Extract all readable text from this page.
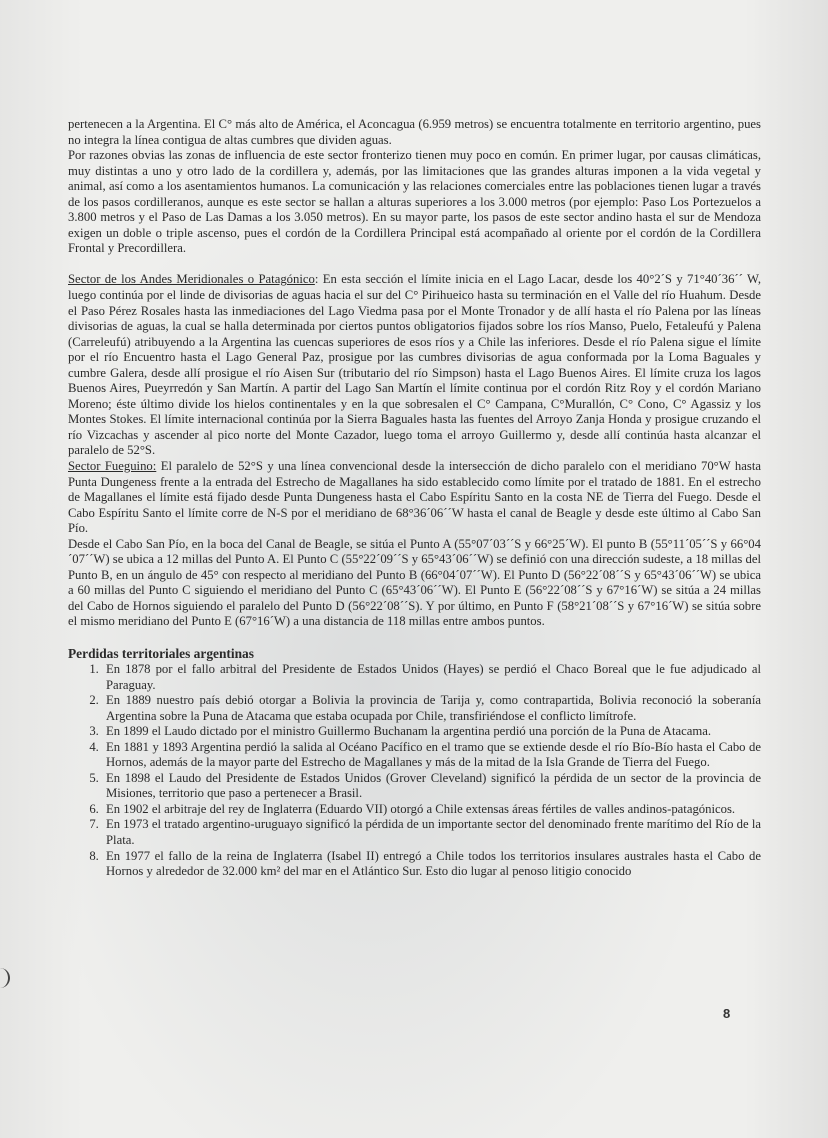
pertenecen a la Argentina. El C° más alto de América, el Aconcagua (6.959 metros) se encuentra totalmente en territorio argentino, pues no integra la línea contigua de altas cumbres que dividen aguas.

Por razones obvias las zonas de influencia de este sector fronterizo tienen muy poco en común. En primer lugar, por causas climáticas, muy distintas a uno y otro lado de la cordillera y, además, por las limitaciones que las grandes alturas imponen a la vida vegetal y animal, así como a los asentamientos humanos. La comunicación y las relaciones comerciales entre las poblaciones tienen lugar a través de los pasos cordilleranos, aunque es este sector se hallan a alturas superiores a los 3.000 metros (por ejemplo: Paso Los Portezuelos a 3.800 metros y el Paso de Las Damas a los 3.050 metros). En su mayor parte, los pasos de este sector andino hasta el sur de Mendoza exigen un doble o triple ascenso, pues el cordón de la Cordillera Principal está acompañado al oriente por el cordón de la Cordillera Frontal y Precordillera.

Sector de los Andes Meridionales o Patagónico: En esta sección el límite inicia en el Lago Lacar, desde los 40°2´S y 71°40´36´´ W, luego continúa por el linde de divisorias de aguas hacia el sur del C° Pirihueico hasta su terminación en el Valle del río Huahum. Desde el Paso Pérez Rosales hasta las inmediaciones del Lago Viedma pasa por el Monte Tronador y de allí hasta el río Palena por las líneas divisorias de aguas, la cual se halla determinada por ciertos puntos obligatorios fijados sobre los ríos Manso, Puelo, Fetaleufú y Palena (Carreleufú) atribuyendo a la Argentina las cuencas superiores de esos ríos y a Chile las inferiores. Desde el río Palena sigue el límite por el río Encuentro hasta el Lago General Paz, prosigue por las cumbres divisorias de agua conformada por la Loma Baguales y cumbre Galera, desde allí prosigue el río Aisen Sur (tributario del río Simpson) hasta el Lago Buenos Aires. El límite cruza los lagos Buenos Aires, Pueyrredón y San Martín. A partir del Lago San Martín el límite continua por el cordón Ritz Roy y el cordón Mariano Moreno; éste último divide los hielos continentales y en la que sobresalen el C° Campana, C°Murallón, C° Cono, C° Agassiz y los Montes Stokes. El límite internacional continúa por la Sierra Baguales hasta las fuentes del Arroyo Zanja Honda y prosigue cruzando el río Vizcachas y ascender al pico norte del Monte Cazador, luego toma el arroyo Guillermo y, desde allí continúa hasta alcanzar el paralelo de 52°S.

Sector Fueguino: El paralelo de 52°S y una línea convencional desde la intersección de dicho paralelo con el meridiano 70°W hasta Punta Dungeness frente a la entrada del Estrecho de Magallanes ha sido establecido como límite por el tratado de 1881. En el estrecho de Magallanes el límite está fijado desde Punta Dungeness hasta el Cabo Espíritu Santo en la costa NE de Tierra del Fuego. Desde el Cabo Espíritu Santo el límite corre de N-S por el meridiano de 68°36´06´´W hasta el canal de Beagle y desde este último al Cabo San Pío.

Desde el Cabo San Pío, en la boca del Canal de Beagle, se sitúa el Punto A (55°07´03´´S y 66°25´W). El punto B (55°11´05´´S y 66°04´07´´W) se ubica a 12 millas del Punto A. El Punto C (55°22´09´´S y 65°43´06´´W) se definió con una dirección sudeste, a 18 millas del Punto B, en un ángulo de 45° con respecto al meridiano del Punto B (66°04´07´´W). El Punto D (56°22´08´´S y 65°43´06´´W) se ubica a 60 millas del Punto C siguiendo el meridiano del Punto C (65°43´06´´W). El Punto E (56°22´08´´S y 67°16´W) se sitúa a 24 millas del Cabo de Hornos siguiendo el paralelo del Punto D (56°22´08´´S). Y por último, en Punto F (58°21´08´´S y 67°16´W) se sitúa sobre el mismo meridiano del Punto E (67°16´W) a una distancia de 118 millas entre ambos puntos.

Perdidas territoriales argentinas
1. En 1878 por el fallo arbitral del Presidente de Estados Unidos (Hayes) se perdió el Chaco Boreal que le fue adjudicado al Paraguay.
2. En 1889 nuestro país debió otorgar a Bolivia la provincia de Tarija y, como contrapartida, Bolivia reconoció la soberanía Argentina sobre la Puna de Atacama que estaba ocupada por Chile, transfiriéndose el conflicto limítrofe.
3. En 1899 el Laudo dictado por el ministro Guillermo Buchanam la argentina perdió una porción de la Puna de Atacama.
4. En 1881 y 1893 Argentina perdió la salida al Océano Pacífico en el tramo que se extiende desde el río Bío-Bío hasta el Cabo de Hornos, además de la mayor parte del Estrecho de Magallanes y más de la mitad de la Isla Grande de Tierra del Fuego.
5. En 1898 el Laudo del Presidente de Estados Unidos (Grover Cleveland) significó la pérdida de un sector de la provincia de Misiones, territorio que paso a pertenecer a Brasil.
6. En 1902 el arbitraje del rey de Inglaterra (Eduardo VII) otorgó a Chile extensas áreas fértiles de valles andinos-patagónicos.
7. En 1973 el tratado argentino-uruguayo significó la pérdida de un importante sector del denominado frente marítimo del Río de la Plata.
8. En 1977 el fallo de la reina de Inglaterra (Isabel II) entregó a Chile todos los territorios insulares australes hasta el Cabo de Hornos y alrededor de 32.000 km² del mar en el Atlántico Sur. Esto dio lugar al penoso litigio conocido
8
